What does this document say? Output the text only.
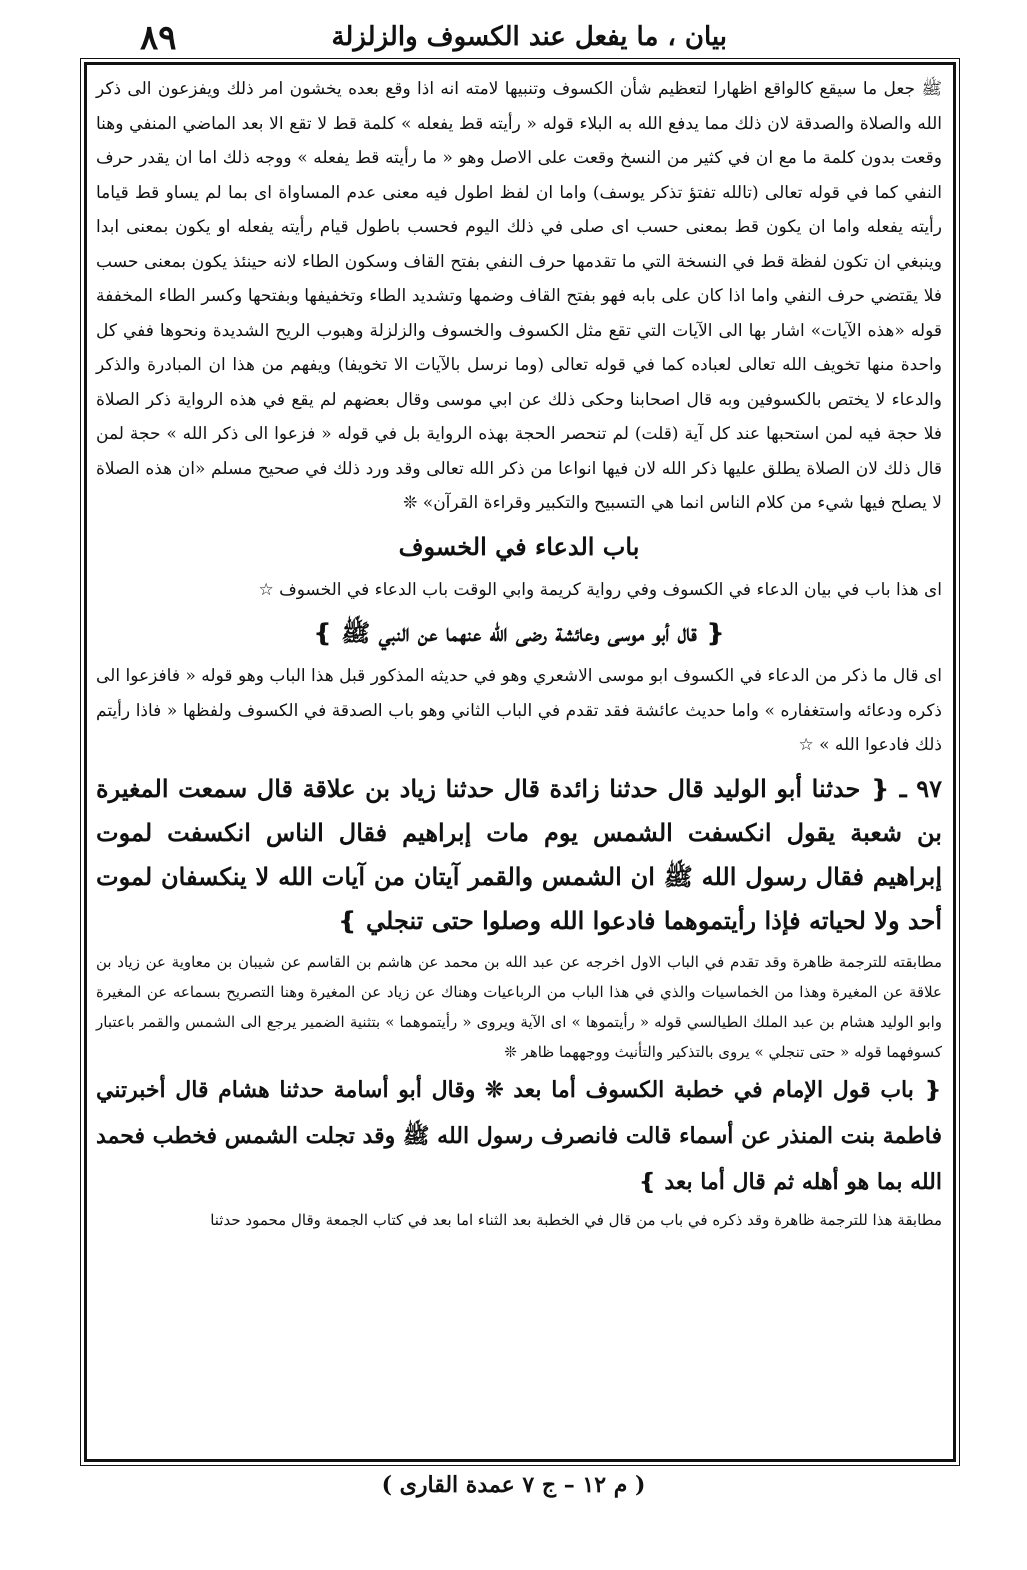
٨٩	بيان ، ما يفعل عند الكسوف والزلزلة

ﷺ جعل ما سيقع كالواقع اظهارا لتعظيم شأن الكسوف وتنبيها لامته انه اذا وقع بعده يخشون امر ذلك ويفزعون الى ذكر الله والصلاة والصدقة لان ذلك مما يدفع الله به البلاء قوله « رأيته قط يفعله » كلمة قط لا تقع الا بعد الماضي المنفي وهنا وقعت بدون كلمة ما مع ان في كثير من النسخ وقعت على الاصل وهو « ما رأيته قط يفعله » ووجه ذلك اما ان يقدر حرف النفي كما في قوله تعالى (تالله تفتؤ تذكر يوسف) واما ان لفظ اطول فيه معنى عدم المساواة اى بما لم يساو قط قياما رأيته يفعله واما ان يكون قط بمعنى حسب اى صلى في ذلك اليوم فحسب باطول قيام رأيته يفعله او يكون بمعنى ابدا وينبغي ان تكون لفظة قط في النسخة التي ما تقدمها حرف النفي بفتح القاف وسكون الطاء لانه حينئذ يكون بمعنى حسب فلا يقتضي حرف النفي واما اذا كان على بابه فهو بفتح القاف وضمها وتشديد الطاء وتخفيفها وبفتحها وكسر الطاء المخففة قوله «هذه الآيات» اشار بها الى الآيات التي تقع مثل الكسوف والخسوف والزلزلة وهبوب الريح الشديدة ونحوها ففي كل واحدة منها تخويف الله تعالى لعباده كما في قوله تعالى (وما نرسل بالآيات الا تخويفا) ويفهم من هذا ان المبادرة والذكر والدعاء لا يختص بالكسوفين وبه قال اصحابنا وحكى ذلك عن ابي موسى وقال بعضهم لم يقع في هذه الرواية ذكر الصلاة فلا حجة فيه لمن استحبها عند كل آية (قلت) لم تنحصر الحجة بهذه الرواية بل في قوله « فزعوا الى ذكر الله » حجة لمن قال ذلك لان الصلاة يطلق عليها ذكر الله لان فيها انواعا من ذكر الله تعالى وقد ورد ذلك في صحيح مسلم «ان هذه الصلاة لا يصلح فيها شيء من كلام الناس انما هي التسبيح والتكبير وقراءة القرآن» ❊

باب الدعاء في الخسوف

اى هذا باب في بيان الدعاء في الكسوف وفي رواية كريمة وابي الوقت باب الدعاء في الخسوف ☆

❴ قال أبو موسى وعائشة رضى الله عنهما عن النبي ﷺ ❵

اى قال ما ذكر من الدعاء في الكسوف ابو موسى الاشعري وهو في حديثه المذكور قبل هذا الباب وهو قوله « فافزعوا الى ذكره ودعائه واستغفاره » واما حديث عائشة فقد تقدم في الباب الثاني وهو باب الصدقة في الكسوف ولفظها « فاذا رأيتم ذلك فادعوا الله » ☆

٩٧ ـ ❴ حدثنا أبو الوليد قال حدثنا زائدة قال حدثنا زياد بن علاقة قال سمعت المغيرة بن شعبة يقول انكسفت الشمس يوم مات إبراهيم فقال الناس انكسفت لموت إبراهيم فقال رسول الله ﷺ ان الشمس والقمر آيتان من آيات الله لا ينكسفان لموت أحد ولا لحياته فإذا رأيتموهما فادعوا الله وصلوا حتى تنجلي ❵

مطابقته للترجمة ظاهرة وقد تقدم في الباب الاول اخرجه عن عبد الله بن محمد عن هاشم بن القاسم عن شيبان بن معاوية عن زياد بن علاقة عن المغيرة وهذا من الخماسيات والذي في هذا الباب من الرباعيات وهناك عن زياد عن المغيرة وهنا التصريح بسماعه عن المغيرة وابو الوليد هشام بن عبد الملك الطيالسي قوله « رأيتموها » اى الآية ويروى « رأيتموهما » بتثنية الضمير يرجع الى الشمس والقمر باعتبار كسوفهما قوله « حتى تنجلي » يروى بالتذكير والتأنيث ووجههما ظاهر ❊

❴ باب قول الإمام في خطبة الكسوف أما بعد ❊ وقال أبو أسامة حدثنا هشام قال أخبرتني فاطمة بنت المنذر عن أسماء قالت فانصرف رسول الله ﷺ وقد تجلت الشمس فخطب فحمد الله بما هو أهله ثم قال أما بعد ❵

مطابقة هذا للترجمة ظاهرة وقد ذكره في باب من قال في الخطبة بعد الثناء اما بعد في كتاب الجمعة وقال محمود حدثنا

( م ١٢ – ج ٧ عمدة القارى )
